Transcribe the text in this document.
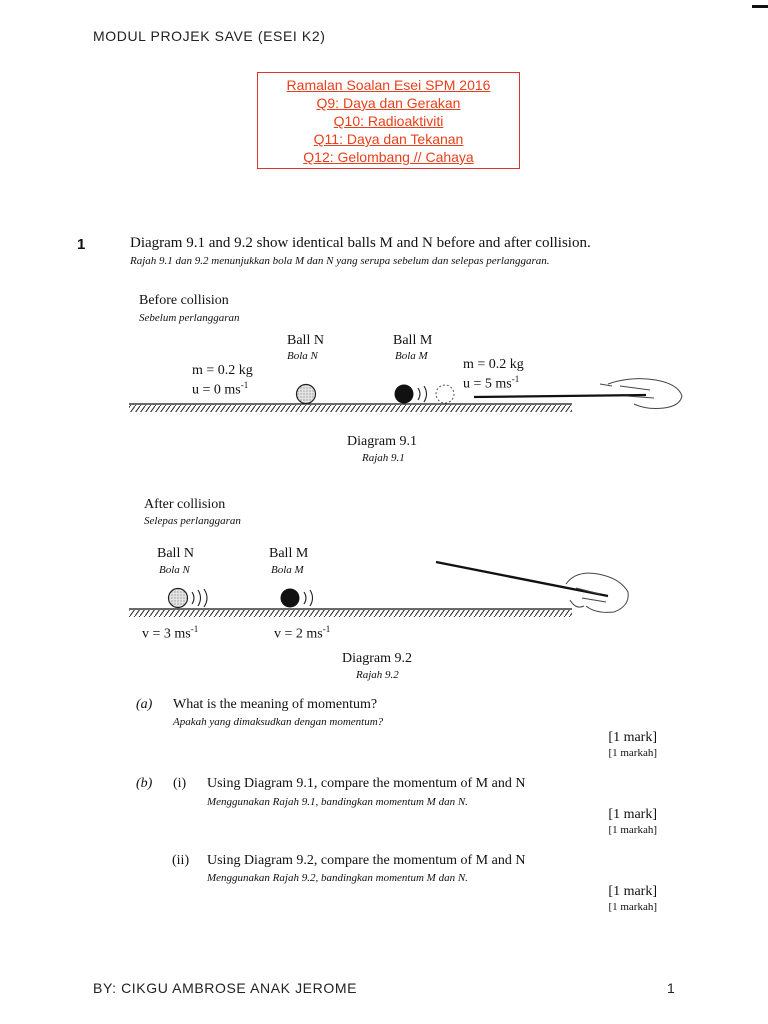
MODUL PROJEK SAVE (ESEI K2)
Ramalan Soalan Esei SPM 2016
Q9: Daya dan Gerakan
Q10: Radioaktiviti
Q11: Daya dan Tekanan
Q12: Gelombang // Cahaya
1	Diagram 9.1 and 9.2 show identical balls M and N before and after collision.
Rajah 9.1 dan 9.2 menunjukkan bola M dan N yang serupa sebelum dan selepas perlanggaran.
Before collision
Sebelum perlanggaran
Ball N
Bola N
Ball M
Bola M
m = 0.2 kg
u = 0 $ms^{-1}$
m = 0.2 kg
u = 5 $ms^{-1}$
Diagram 9.1
Rajah 9.1
After collision
Selepas perlanggaran
Ball N
Bola N
Ball M
Bola M
v = 3 $ms^{-1}$	v = 2 $ms^{-1}$
Diagram 9.2
Rajah 9.2
(a) What is the meaning of momentum?
Apakah yang dimaksudkan dengan momentum?
[1 mark]
[1 markah]
(b) (i) Using Diagram 9.1, compare the momentum of M and N
Menggunakan Rajah 9.1, bandingkan momentum M dan N.
[1 mark]
[1 markah]
(ii) Using Diagram 9.2, compare the momentum of M and N
Menggunakan Rajah 9.2, bandingkan momentum M dan N.
[1 mark]
[1 markah]
BY: CIKGU AMBROSE ANAK JEROME	1
